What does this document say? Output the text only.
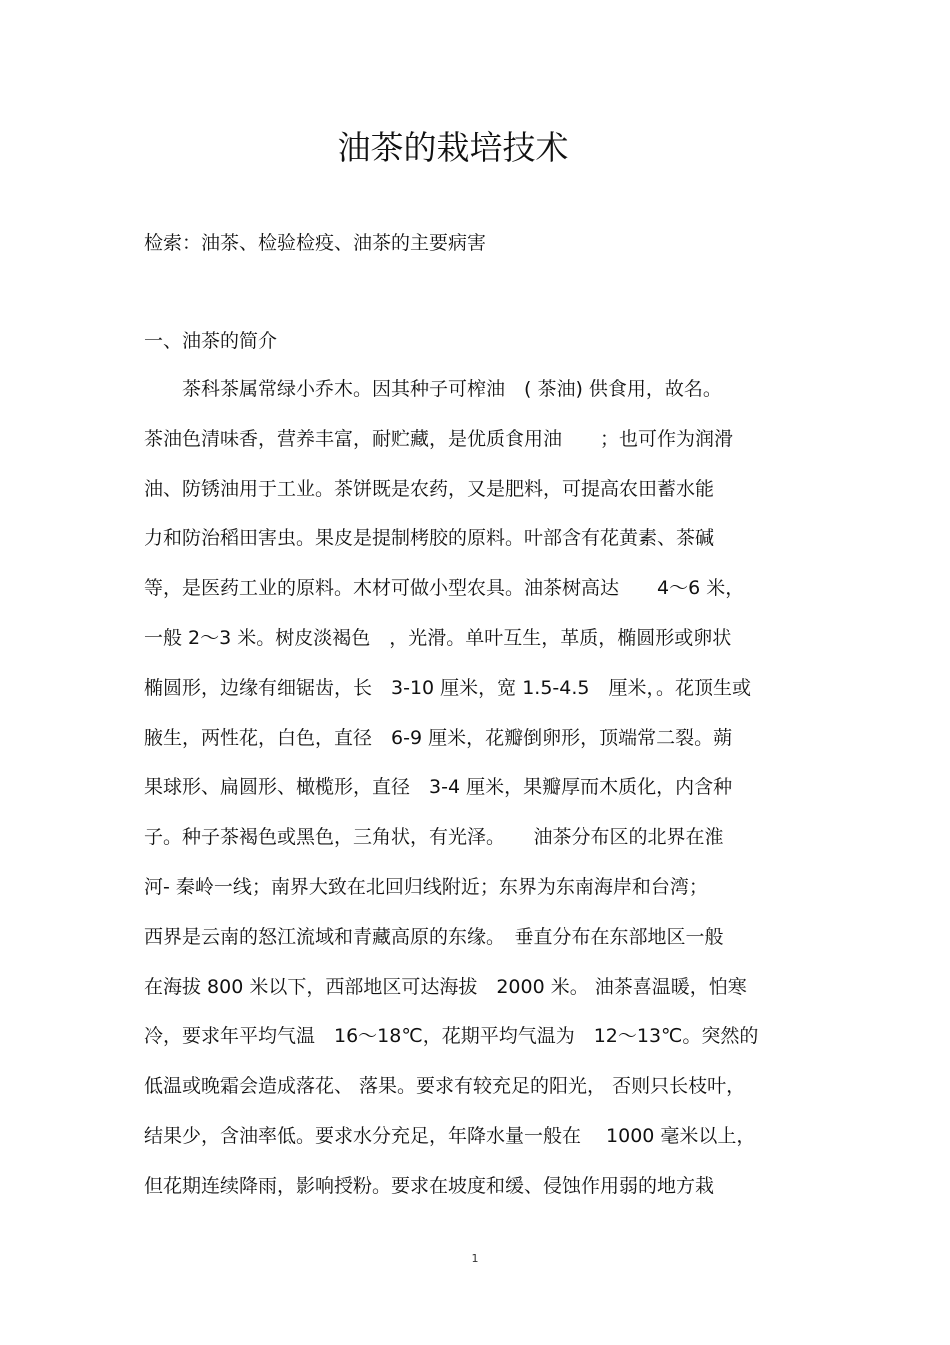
油茶的栽培技术
检索：油茶、检验检疫、油茶的主要病害
一、油茶的简介
　　茶科茶属常绿小乔木。因其种子可榨油　( 茶油) 供食用，故名。
茶油色清味香，营养丰富，耐贮藏，是优质食用油　　；也可作为润滑
油、防锈油用于工业。茶饼既是农药，又是肥料，可提高农田蓄水能
力和防治稻田害虫。果皮是提制栲胶的原料。叶部含有花黄素、茶碱
等，是医药工业的原料。木材可做小型农具。油茶树高达　　4～6 米，
一般 2～3 米。树皮淡褐色　，光滑。单叶互生，革质，椭圆形或卵状
椭圆形，边缘有细锯齿，长　3-10 厘米，宽 1.5-4.5　厘米，。花顶生或
腋生，两性花，白色，直径　6-9 厘米，花瓣倒卵形，顶端常二裂。蒴
果球形、扁圆形、橄榄形，直径　3-4 厘米，果瓣厚而木质化，内含种
子。种子茶褐色或黑色，三角状，有光泽。　　油茶分布区的北界在淮
河- 秦岭一线；南界大致在北回归线附近；东界为东南海岸和台湾；
西界是云南的怒江流域和青藏高原的东缘。　垂直分布在东部地区一般
在海拔 800 米以下，西部地区可达海拔　2000 米。 油茶喜温暖，怕寒
冷，要求年平均气温　16～18℃，花期平均气温为　12～13℃。突然的
低温或晚霜会造成落花、 落果。要求有较充足的阳光， 否则只长枝叶，
结果少，含油率低。要求水分充足，年降水量一般在　 1000 毫米以上，
但花期连续降雨，影响授粉。要求在坡度和缓、侵蚀作用弱的地方栽
1
